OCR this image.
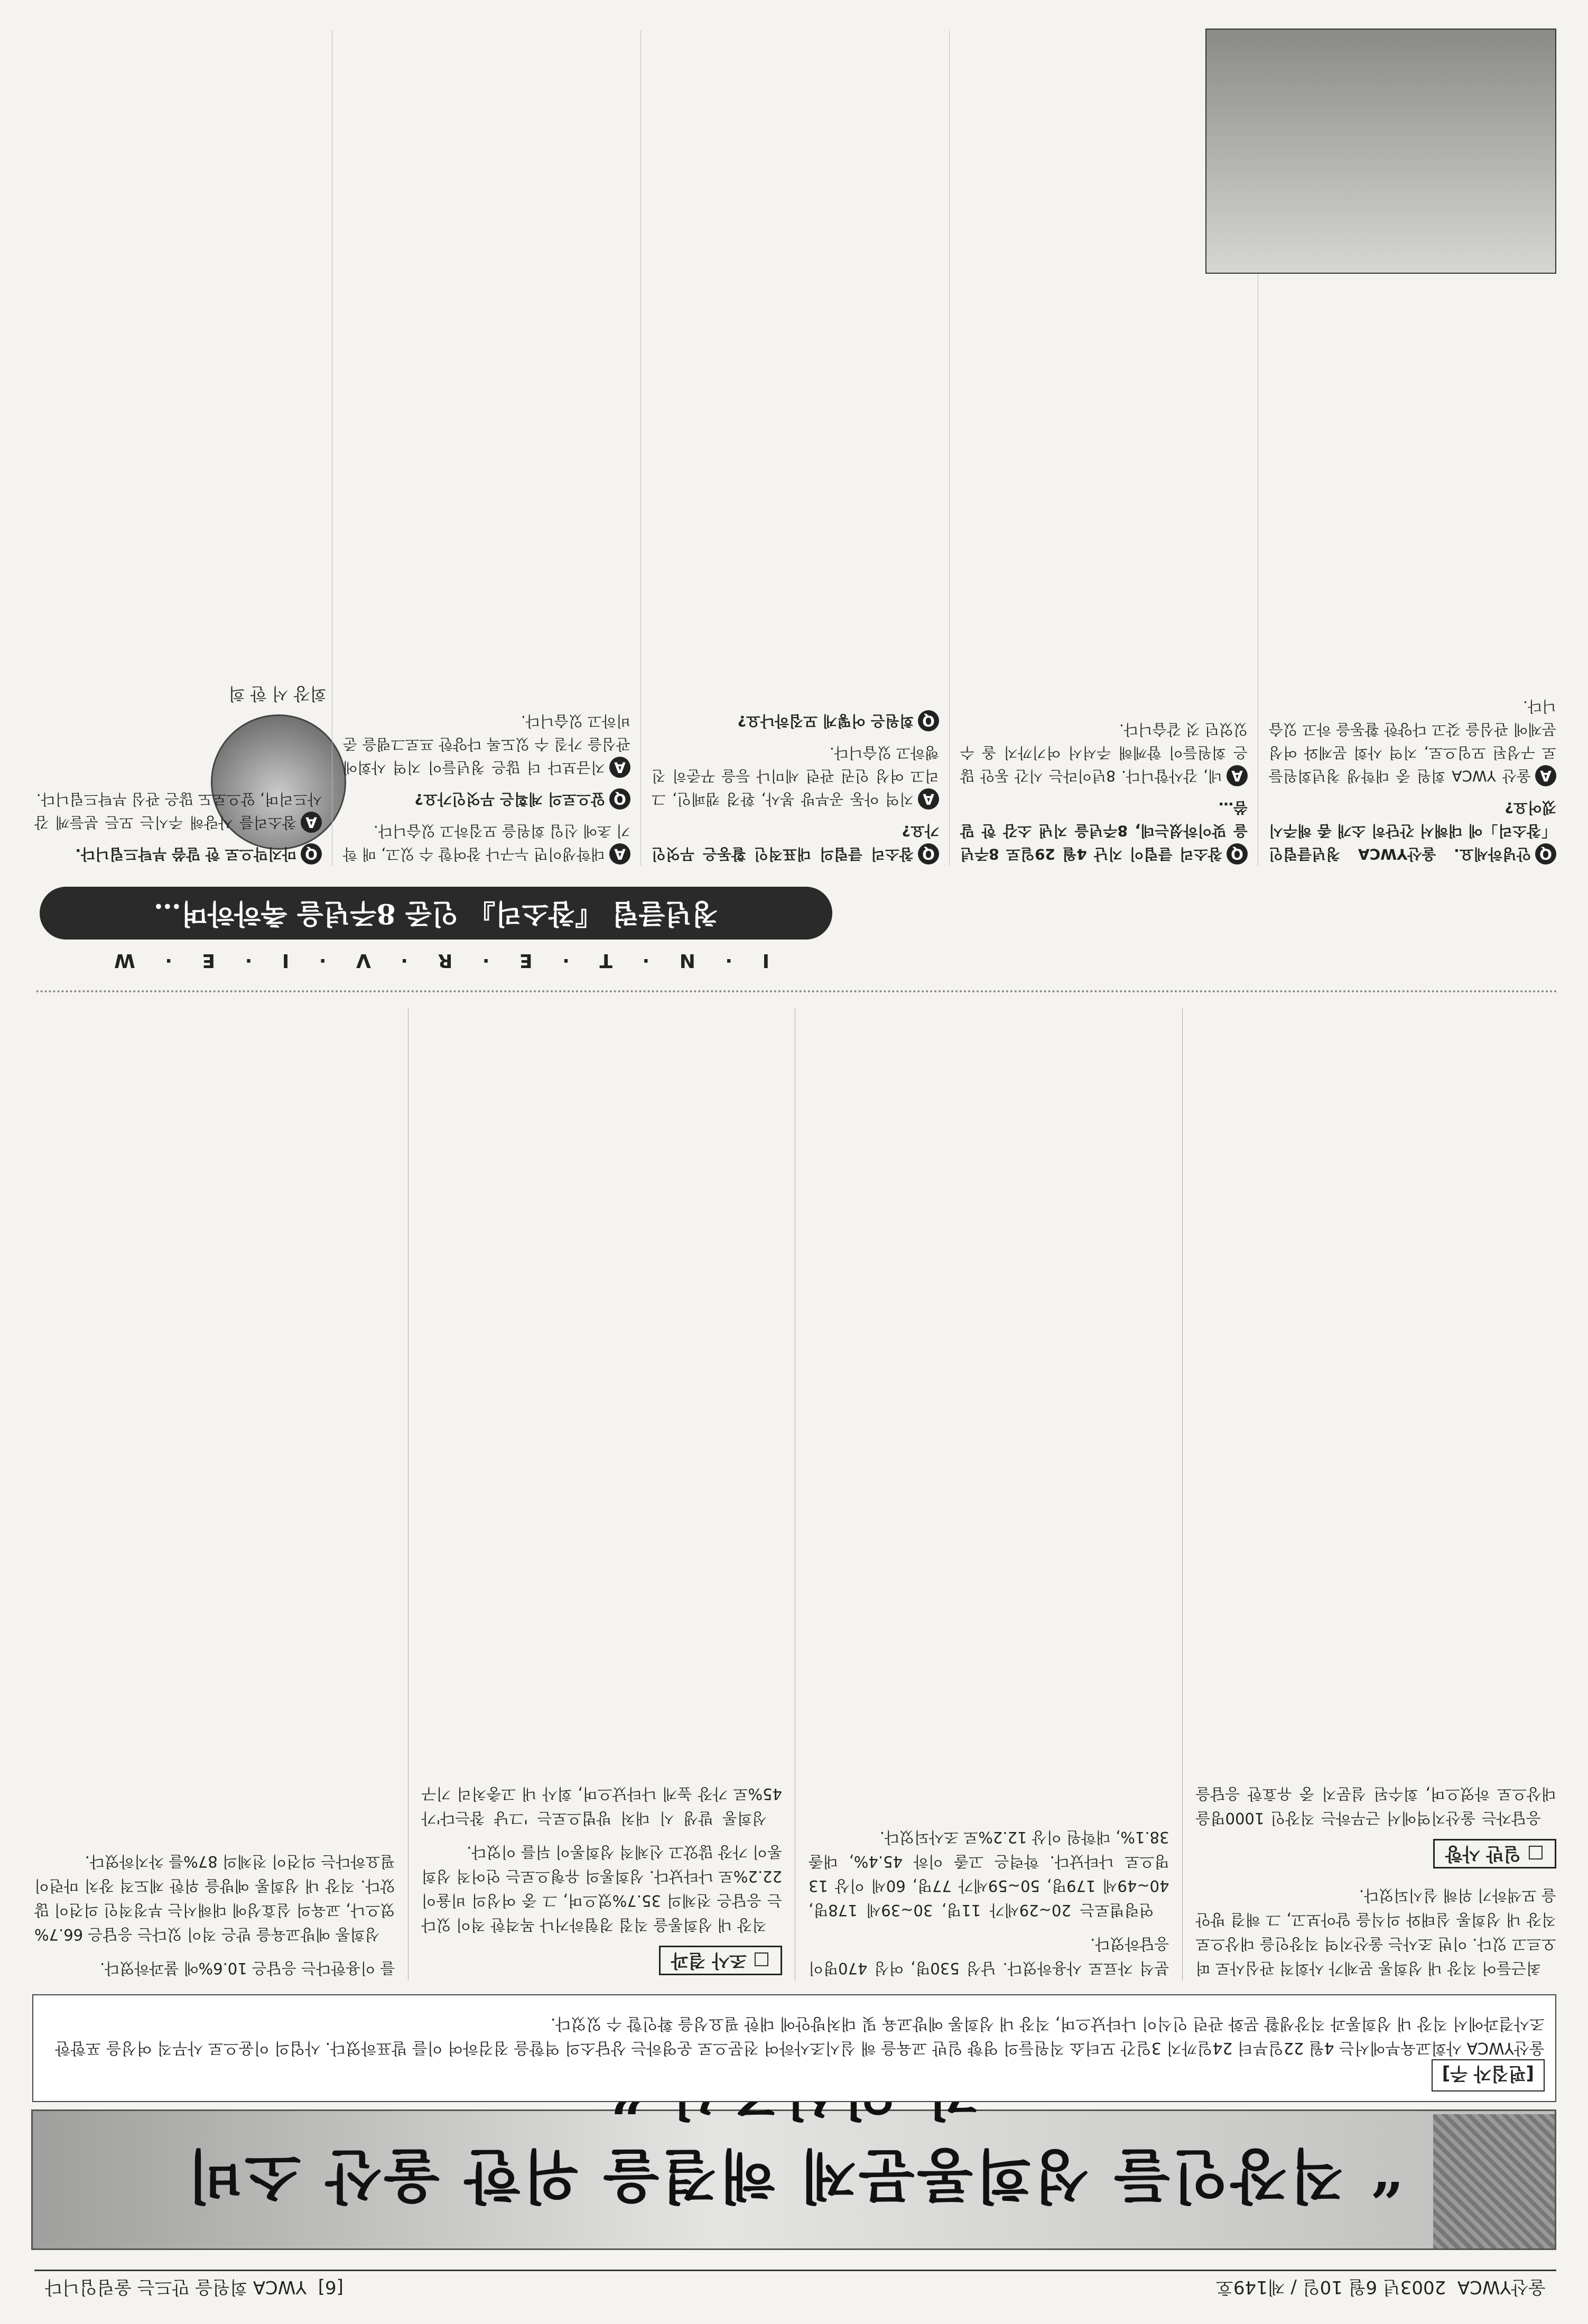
울산YWCA  2003년 6월 10일 / 제149호
[6]  YWCA 회원을 만드는 울림입니다
“ 직장인들 성희롱문제 해결을 위한 울산 소비
[편집자 주]
울산YWCA 사회교육부에서는 4월 22일부터 24일까지 3일간 모터쇼 직원들의 영향 일반 교육을 해 실시조사하여 전문으로 운영하는 상담소의 역할을 점검하여 이를 발표하였다. 사업의 이윤으로 사무직 여성을 포함한 조사결과에서 직장 내 성희롱과 직장생활 문화 관련 인식이 나타났으며, 직장 내 성희롱 예방교육 및 대처방안에 대한 필요성을 확인할 수 있었다.

최근들어 직장 내 성희롱 문제가 사회적 관심사로 떠오르고 있다. 이번 조사는 울산지역 직장인을 대상으로 직장 내 성희롱 실태와 의식을 알아보고, 그 해결 방안을 모색하기 위해 실시되었다.

□ 일반 사항

응답자는 울산지역에서 근무하는 직장인 1000명을 대상으로 하였으며, 회수된 설문지 중 유효한 응답을 분석 자료로 사용하였다. 남성 530명, 여성 470명이 응답하였다.

연령별로는 20~29세가 11명, 30~39세 178명, 40~49세 179명, 50~59세가 77명, 60세 이상 13명으로 나타났다. 학력은 고졸 이하 45.4%, 대졸 38.1%, 대학원 이상 12.2%로 조사되었다.

□ 조사 결과

직장 내 성희롱을 직접 경험하거나 목격한 적이 있다는 응답은 전체의 35.7%였으며, 그 중 여성의 비율이 22.2%로 나타났다. 성희롱의 유형으로는 언어적 성희롱이 가장 많았고 신체적 성희롱이 뒤를 이었다.

성희롱 발생 시 대처 방법으로는 '그냥 참는다'가 45%로 가장 높게 나타났으며, 회사 내 고충처리 기구를 이용한다는 응답은 10.6%에 불과하였다.

성희롱 예방교육을 받은 적이 있다는 응답은 66.7%였으나, 교육의 실효성에 대해서는 부정적인 의견이 많았다. 직장 내 성희롱 예방을 위한 제도적 장치 마련이 필요하다는 의견이 전체의 87%를 차지하였다.

I · N · T · E · R · V · I · E · W
청년클럽 『참소리』 인준 8주년을 축하하며…
회장 서 한 희

Q안녕하세요. 울산YWCA 청년클럽인 「참소리」에 대해서 간단히 소개 좀 해주시겠어요?

A울산 YWCA 회원 중 대학생 청년회원들로 구성된 모임으로, 지역 사회 문제와 여성 문제에 관심을 갖고 다양한 활동을 하고 있습니다.

Q참소리 클럽이 지난 4월 29일로 8주년을 맞이하셨는데, 8주년을 지낸 소감 한 말씀…

A네, 감사합니다. 8년이라는 시간 동안 많은 회원들이 함께해 주셔서 여기까지 올 수 있었던 것 같습니다.

Q참소리 클럽의 대표적인 활동은 무엇인가요?

A지역 아동 공부방 봉사, 환경 캠페인, 그리고 여성 인권 관련 세미나 등을 꾸준히 진행하고 있습니다.

Q회원은 어떻게 모집하나요?

A대학생이면 누구나 참여할 수 있고, 매 학기 초에 신입 회원을 모집하고 있습니다.

Q앞으로의 계획은 무엇인가요?

A지금보다 더 많은 청년들이 지역 사회에 관심을 가질 수 있도록 다양한 프로그램을 준비하고 있습니다.

Q마지막으로 한 말씀 부탁드립니다.

A참소리를 사랑해 주시는 모든 분들께 감사드리며, 앞으로도 많은 관심 부탁드립니다.
